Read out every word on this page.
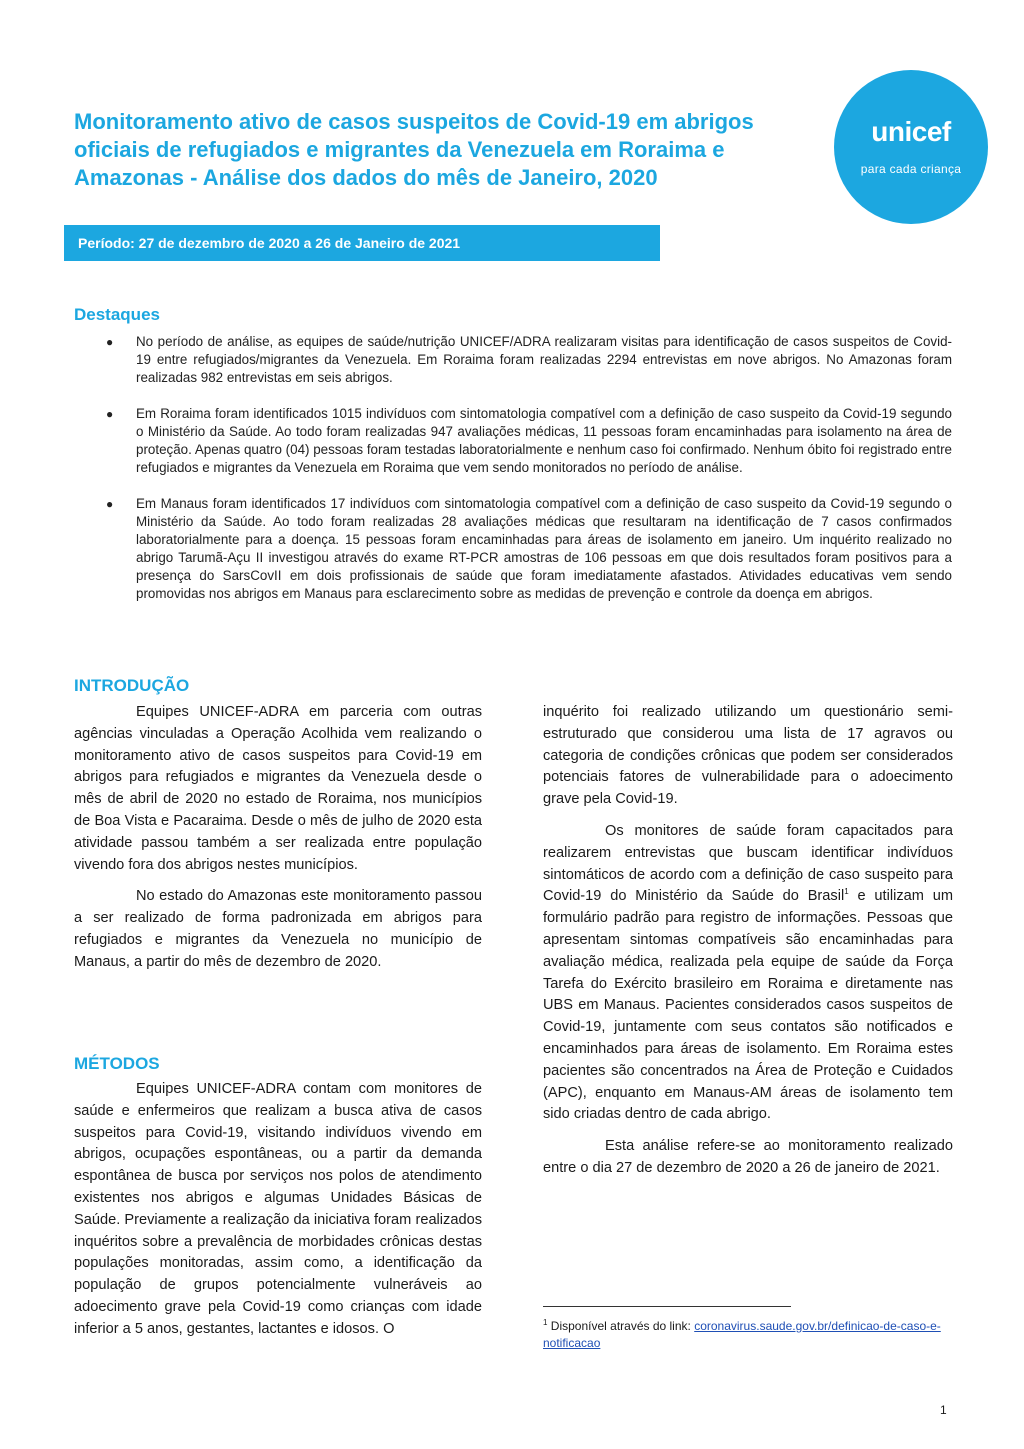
Monitoramento ativo de casos suspeitos de Covid-19 em abrigos oficiais de refugiados e migrantes da Venezuela em Roraima e Amazonas - Análise dos dados do mês de Janeiro, 2020
unicef
para cada criança
Período: 27 de dezembro de 2020 a 26 de Janeiro de 2021
Destaques
● No período de análise, as equipes de saúde/nutrição UNICEF/ADRA realizaram visitas para identificação de casos suspeitos de Covid-19 entre refugiados/migrantes da Venezuela. Em Roraima foram realizadas 2294 entrevistas em nove abrigos. No Amazonas foram realizadas 982 entrevistas em seis abrigos.
● Em Roraima foram identificados 1015 indivíduos com sintomatologia compatível com a definição de caso suspeito da Covid-19 segundo o Ministério da Saúde. Ao todo foram realizadas 947 avaliações médicas, 11 pessoas foram encaminhadas para isolamento na área de proteção. Apenas quatro (04) pessoas foram testadas laboratorialmente e nenhum caso foi confirmado. Nenhum óbito foi registrado entre refugiados e migrantes da Venezuela em Roraima que vem sendo monitorados no período de análise.
● Em Manaus foram identificados 17 indivíduos com sintomatologia compatível com a definição de caso suspeito da Covid-19 segundo o Ministério da Saúde. Ao todo foram realizadas 28 avaliações médicas que resultaram na identificação de 7 casos confirmados laboratorialmente para a doença. 15 pessoas foram encaminhadas para áreas de isolamento em janeiro. Um inquérito realizado no abrigo Tarumã-Açu II investigou através do exame RT-PCR amostras de 106 pessoas em que dois resultados foram positivos para a presença do SarsCovII em dois profissionais de saúde que foram imediatamente afastados. Atividades educativas vem sendo promovidas nos abrigos em Manaus para esclarecimento sobre as medidas de prevenção e controle da doença em abrigos.
INTRODUÇÃO

Equipes UNICEF-ADRA em parceria com outras agências vinculadas a Operação Acolhida vem realizando o monitoramento ativo de casos suspeitos para Covid-19 em abrigos para refugiados e migrantes da Venezuela desde o mês de abril de 2020 no estado de Roraima, nos municípios de Boa Vista e Pacaraima. Desde o mês de julho de 2020 esta atividade passou também a ser realizada entre população vivendo fora dos abrigos nestes municípios.

No estado do Amazonas este monitoramento passou a ser realizado de forma padronizada em abrigos para refugiados e migrantes da Venezuela no município de Manaus, a partir do mês de dezembro de 2020.

MÉTODOS

Equipes UNICEF-ADRA contam com monitores de saúde e enfermeiros que realizam a busca ativa de casos suspeitos para Covid-19, visitando indivíduos vivendo em abrigos, ocupações espontâneas, ou a partir da demanda espontânea de busca por serviços nos polos de atendimento existentes nos abrigos e algumas Unidades Básicas de Saúde. Previamente a realização da iniciativa foram realizados inquéritos sobre a prevalência de morbidades crônicas destas populações monitoradas, assim como, a identificação da população de grupos potencialmente vulneráveis ao adoecimento grave pela Covid-19 como crianças com idade inferior a 5 anos, gestantes, lactantes e idosos. O

inquérito foi realizado utilizando um questionário semi-estruturado que considerou uma lista de 17 agravos ou categoria de condições crônicas que podem ser considerados potenciais fatores de vulnerabilidade para o adoecimento grave pela Covid-19.

Os monitores de saúde foram capacitados para realizarem entrevistas que buscam identificar indivíduos sintomáticos de acordo com a definição de caso suspeito para Covid-19 do Ministério da Saúde do Brasil$^1$ e utilizam um formulário padrão para registro de informações. Pessoas que apresentam sintomas compatíveis são encaminhadas para avaliação médica, realizada pela equipe de saúde da Força Tarefa do Exército brasileiro em Roraima e diretamente nas UBS em Manaus. Pacientes considerados casos suspeitos de Covid-19, juntamente com seus contatos são notificados e encaminhados para áreas de isolamento. Em Roraima estes pacientes são concentrados na Área de Proteção e Cuidados (APC), enquanto em Manaus-AM áreas de isolamento tem sido criadas dentro de cada abrigo.

Esta análise refere-se ao monitoramento realizado entre o dia 27 de dezembro de 2020 a 26 de janeiro de 2021.

$^1$ Disponível através do link: coronavirus.saude.gov.br/definicao-de-caso-e-notificacao
1
